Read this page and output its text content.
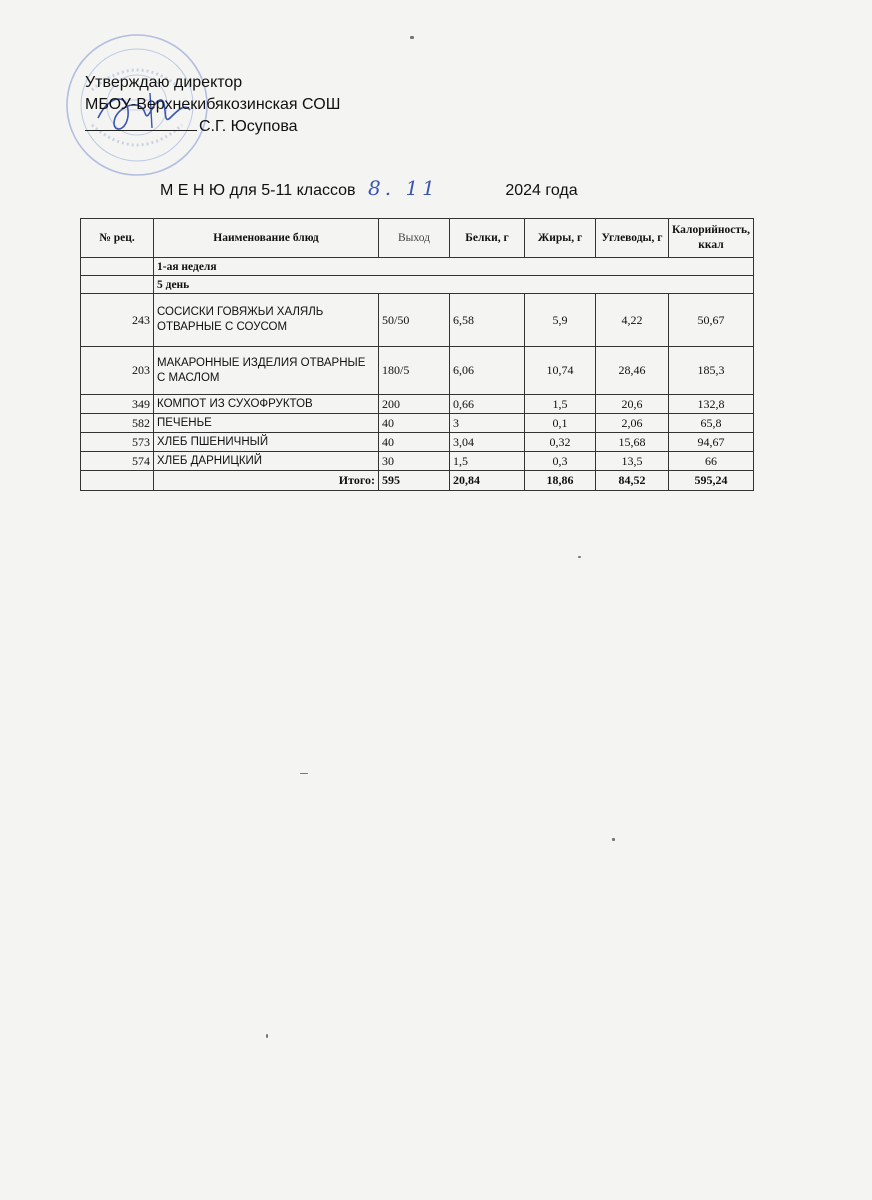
Утверждаю директор
МБОУ-Верхнекибякозинская СОШ
С.Г. Юсупова
М Е Н Ю для 5-11 классов 8. 11	2024 года
№ рец.	Наименование блюд	Выход	Белки, г	Жиры, г	Углеводы, г	Калорийность, ккал
	1-ая неделя					
	5 день					
243	СОСИСКИ ГОВЯЖЬИ ХАЛЯЛЬ ОТВАРНЫЕ С СОУСОМ	50/50	6,58	5,9	4,22	50,67
203	МАКАРОННЫЕ ИЗДЕЛИЯ ОТВАРНЫЕ С МАСЛОМ	180/5	6,06	10,74	28,46	185,3
349	КОМПОТ ИЗ СУХОФРУКТОВ	200	0,66	1,5	20,6	132,8
582	ПЕЧЕНЬЕ	40	3	0,1	2,06	65,8
573	ХЛЕБ ПШЕНИЧНЫЙ	40	3,04	0,32	15,68	94,67
574	ХЛЕБ ДАРНИЦКИЙ	30	1,5	0,3	13,5	66
	Итого:	595	20,84	18,86	84,52	595,24
